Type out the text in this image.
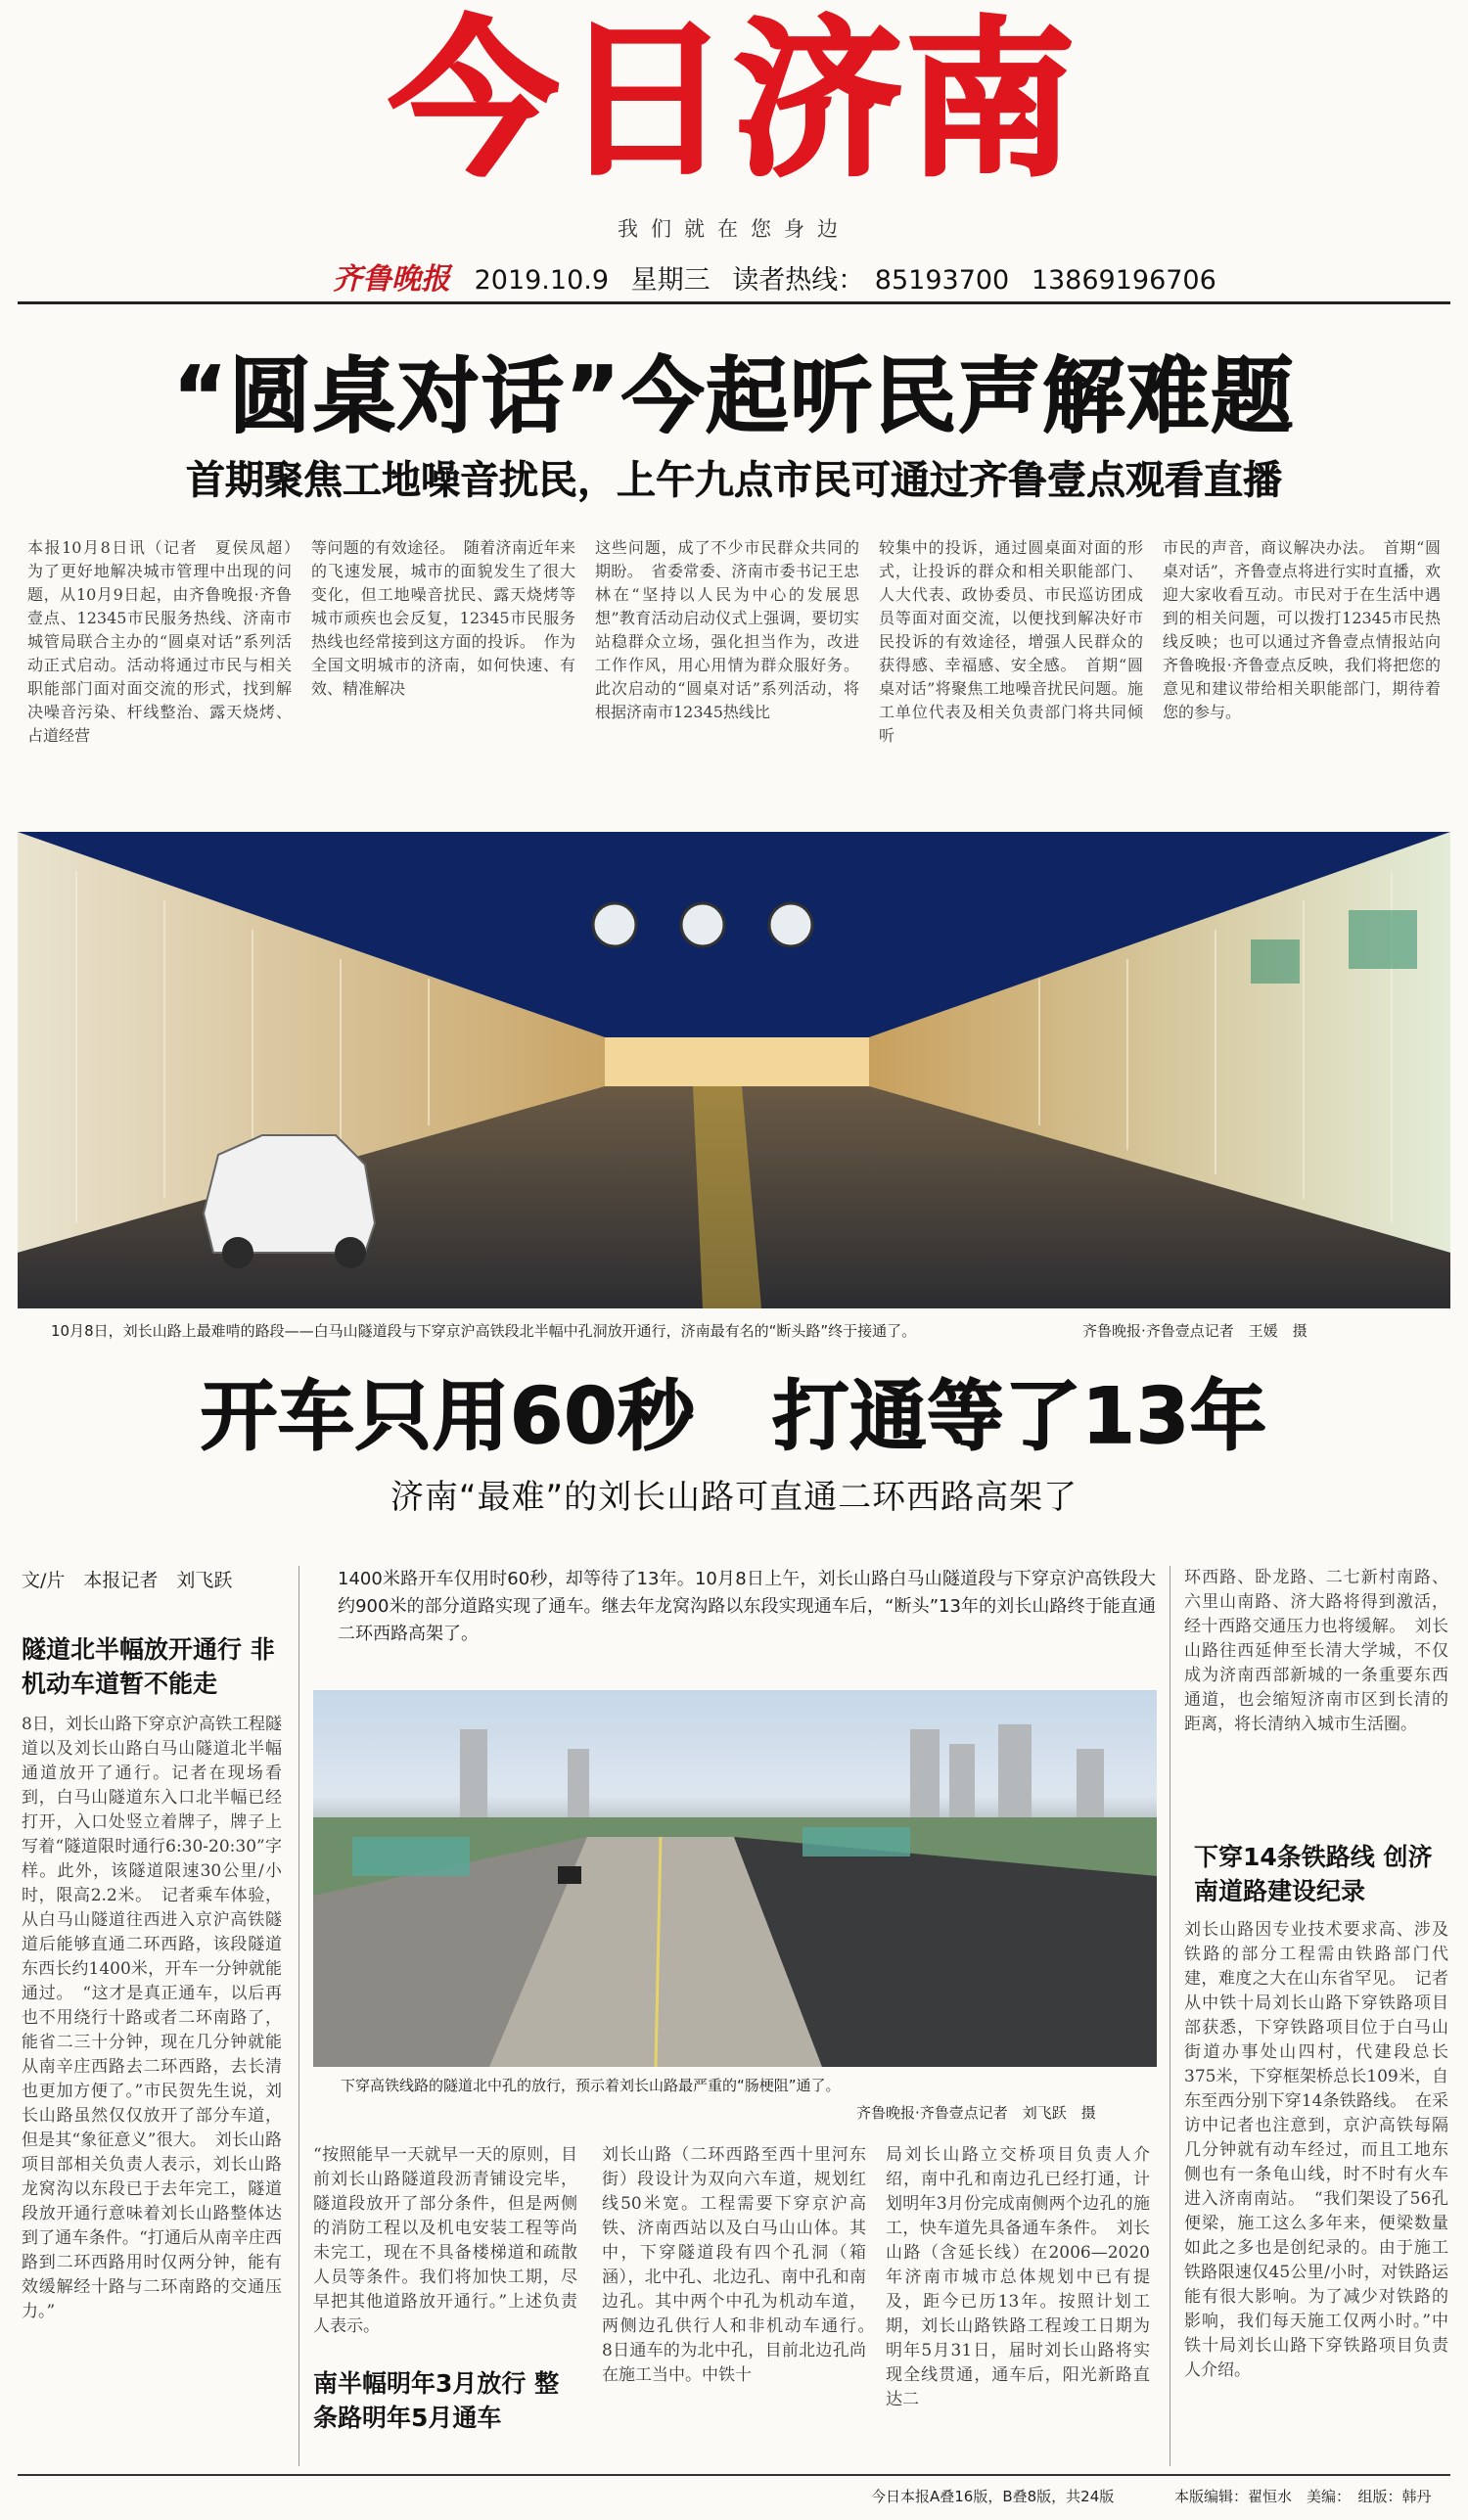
今日济南
我们就在您身边
齐鲁晚报 2019.10.9 星期三 读者热线： 85193700 13869196706
“圆桌对话”今起听民声解难题
首期聚焦工地噪音扰民，上午九点市民可通过齐鲁壹点观看直播
本报10月8日讯（记者　夏侯凤超）　为了更好地解决城市管理中出现的问题，从10月9日起，由齐鲁晚报·齐鲁壹点、12345市民服务热线、济南市城管局联合主办的“圆桌对话”系列活动正式启动。活动将通过市民与相关职能部门面对面交流的形式，找到解决噪音污染、杆线整治、露天烧烤、占道经营
等问题的有效途径。　随着济南近年来的飞速发展，城市的面貌发生了很大变化，但工地噪音扰民、露天烧烤等城市顽疾也会反复，12345市民服务热线也经常接到这方面的投诉。　作为全国文明城市的济南，如何快速、有效、精准解决
这些问题，成了不少市民群众共同的期盼。　省委常委、济南市委书记王忠林在“坚持以人民为中心的发展思想”教育活动启动仪式上强调，要切实站稳群众立场，强化担当作为，改进工作作风，用心用情为群众服好务。此次启动的“圆桌对话”系列活动，将根据济南市12345热线比
较集中的投诉，通过圆桌面对面的形式，让投诉的群众和相关职能部门、人大代表、政协委员、市民巡访团成员等面对面交流，以便找到解决好市民投诉的有效途径，增强人民群众的获得感、幸福感、安全感。　首期“圆桌对话”将聚焦工地噪音扰民问题。施工单位代表及相关负责部门将共同倾听
市民的声音，商议解决办法。　首期“圆桌对话”，齐鲁壹点将进行实时直播，欢迎大家收看互动。市民对于在生活中遇到的相关问题，可以拨打12345市民热线反映；也可以通过齐鲁壹点情报站向齐鲁晚报·齐鲁壹点反映，我们将把您的意见和建议带给相关职能部门，期待着您的参与。
10月8日，刘长山路上最难啃的路段——白马山隧道段与下穿京沪高铁段北半幅中孔洞放开通行，济南最有名的“断头路”终于接通了。	齐鲁晚报·齐鲁壹点记者　王媛　摄
开车只用60秒　打通等了13年
济南“最难”的刘长山路可直通二环西路高架了
文/片　本报记者　刘飞跃
隧道北半幅放开通行 非机动车道暂不能走
8日，刘长山路下穿京沪高铁工程隧道以及刘长山路白马山隧道北半幅通道放开了通行。记者在现场看到，白马山隧道东入口北半幅已经打开，入口处竖立着牌子，牌子上写着“隧道限时通行6:30-20:30”字样。此外，该隧道限速30公里/小时，限高2.2米。　记者乘车体验，从白马山隧道往西进入京沪高铁隧道后能够直通二环西路，该段隧道东西长约1400米，开车一分钟就能通过。　“这才是真正通车，以后再也不用绕行十路或者二环南路了，能省二三十分钟，现在几分钟就能从南辛庄西路去二环西路，去长清也更加方便了。”市民贺先生说，刘长山路虽然仅仅放开了部分车道，但是其“象征意义”很大。　刘长山路项目部相关负责人表示，刘长山路龙窝沟以东段已于去年完工，隧道段放开通行意味着刘长山路整体达到了通车条件。“打通后从南辛庄西路到二环西路用时仅两分钟，能有效缓解经十路与二环南路的交通压力。”
1400米路开车仅用时60秒，却等待了13年。10月8日上午，刘长山路白马山隧道段与下穿京沪高铁段大约900米的部分道路实现了通车。继去年龙窝沟路以东段实现通车后，“断头”13年的刘长山路终于能直通二环西路高架了。
下穿高铁线路的隧道北中孔的放行，预示着刘长山路最严重的“肠梗阻”通了。
齐鲁晚报·齐鲁壹点记者　刘飞跃　摄
“按照能早一天就早一天的原则，目前刘长山路隧道段沥青铺设完毕，隧道段放开了部分条件，但是两侧的消防工程以及机电安装工程等尚未完工，现在不具备楼梯道和疏散人员等条件。我们将加快工期，尽早把其他道路放开通行。”上述负责人表示。
南半幅明年3月放行 整条路明年5月通车
刘长山路（二环西路至西十里河东街）段设计为双向六车道，规划红线50米宽。工程需要下穿京沪高铁、济南西站以及白马山山体。其中，下穿隧道段有四个孔洞（箱涵），北中孔、北边孔、南中孔和南边孔。其中两个中孔为机动车道，两侧边孔供行人和非机动车通行。　8日通车的为北中孔，目前北边孔尚在施工当中。中铁十
局刘长山路立交桥项目负责人介绍，南中孔和南边孔已经打通，计划明年3月份完成南侧两个边孔的施工，快车道先具备通车条件。　刘长山路（含延长线）在2006—2020年济南市城市总体规划中已有提及，距今已历13年。按照计划工期，刘长山路铁路工程竣工日期为明年5月31日，届时刘长山路将实现全线贯通，通车后，阳光新路直达二
环西路、卧龙路、二七新村南路、六里山南路、济大路将得到激活，经十西路交通压力也将缓解。　刘长山路往西延伸至长清大学城，不仅成为济南西部新城的一条重要东西通道，也会缩短济南市区到长清的距离，将长清纳入城市生活圈。
下穿14条铁路线 创济南道路建设纪录
刘长山路因专业技术要求高、涉及铁路的部分工程需由铁路部门代建，难度之大在山东省罕见。　记者从中铁十局刘长山路下穿铁路项目部获悉，下穿铁路项目位于白马山街道办事处山四村，代建段总长375米，下穿框架桥总长109米，自东至西分别下穿14条铁路线。　在采访中记者也注意到，京沪高铁每隔几分钟就有动车经过，而且工地东侧也有一条龟山线，时不时有火车进入济南南站。　“我们架设了56孔便梁，施工这么多年来，便梁数量如此之多也是创纪录的。由于施工铁路限速仅45公里/小时，对铁路运能有很大影响。为了减少对铁路的影响，我们每天施工仅两小时。”中铁十局刘长山路下穿铁路项目负责人介绍。
今日本报A叠16版，B叠8版，共24版	本版编辑：翟恒水　美编：　组版：韩丹
